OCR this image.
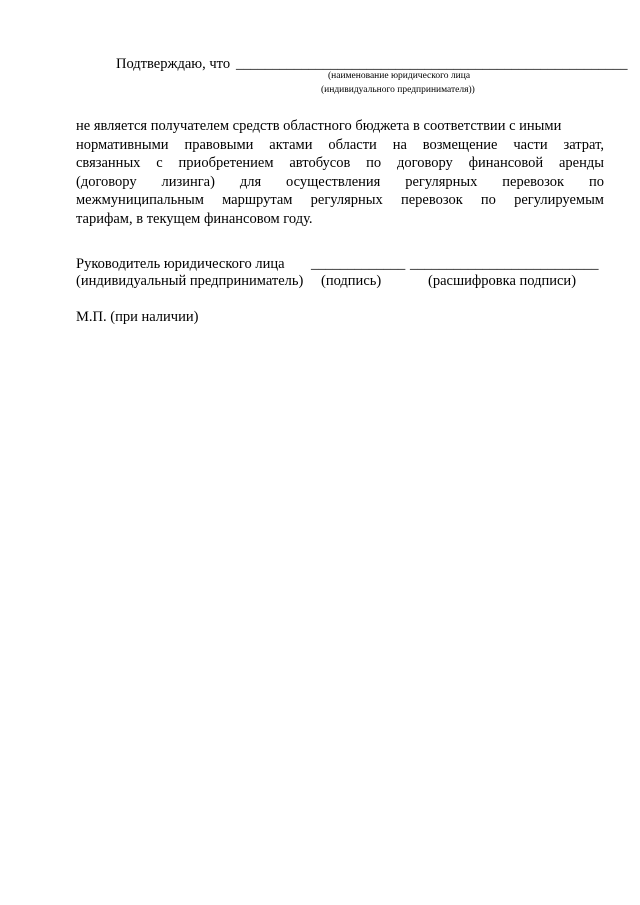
Подтверждаю, что ______________________________________________________
(наименование юридического лица
(индивидуального предпринимателя))
не является получателем средств областного бюджета в соответствии с иными
нормативными правовыми актами области на возмещение части затрат,
связанных с приобретением автобусов по договору финансовой аренды
(договору лизинга) для осуществления регулярных перевозок по
межмуниципальным маршрутам регулярных перевозок по регулируемым
тарифам, в текущем финансовом году.
Руководитель юридического лица _____________ __________________________
(индивидуальный предприниматель) (подпись)	(расшифровка подписи)
М.П. (при наличии)
